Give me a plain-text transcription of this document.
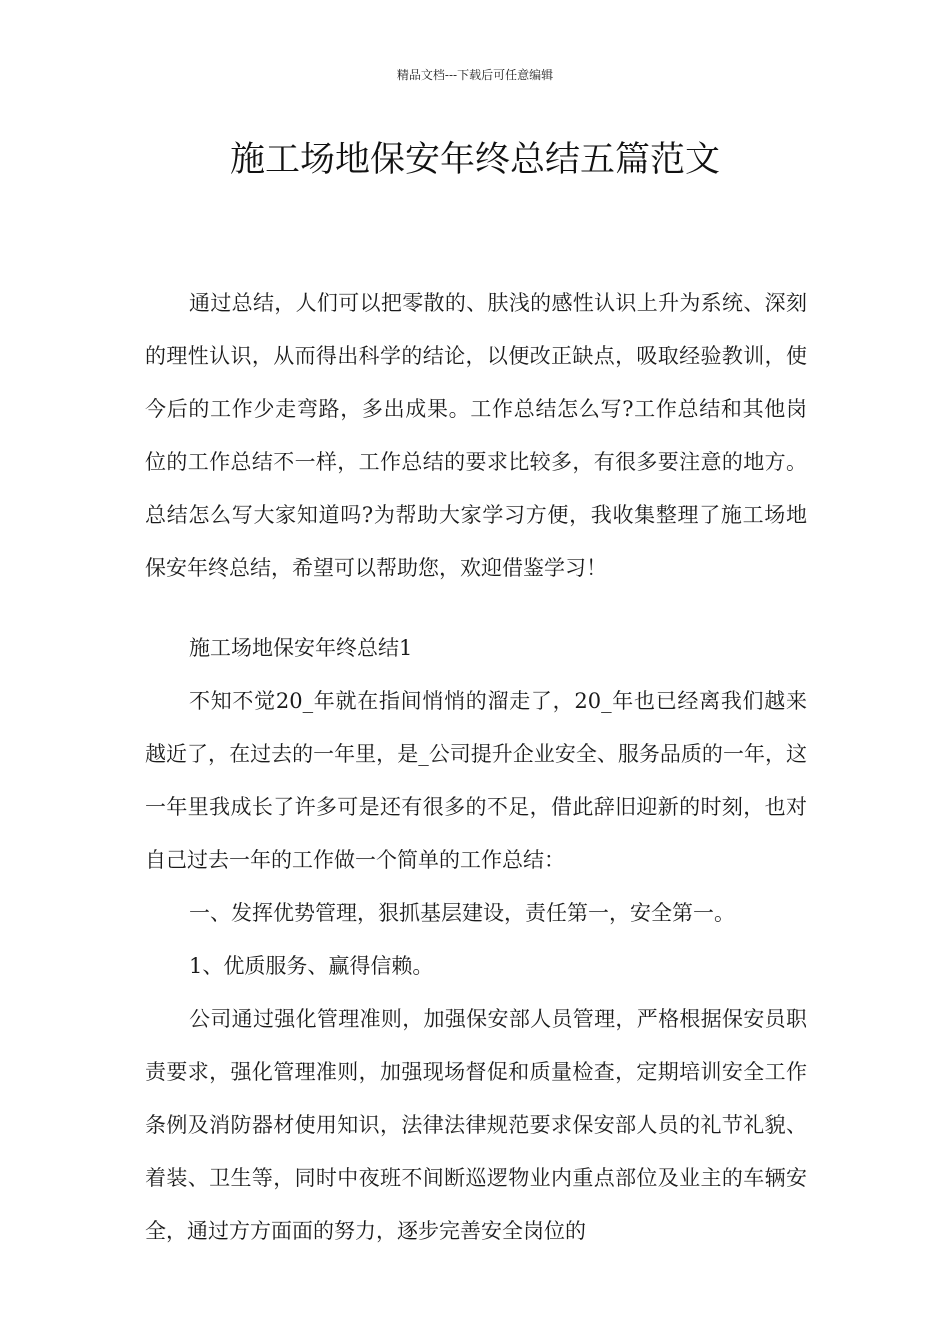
精品文档---下载后可任意编辑
施工场地保安年终总结五篇范文

通过总结，人们可以把零散的、肤浅的感性认识上升为系统、深刻的理性认识，从而得出科学的结论，以便改正缺点，吸取经验教训，使今后的工作少走弯路，多出成果。工作总结怎么写?工作总结和其他岗位的工作总结不一样，工作总结的要求比较多，有很多要注意的地方。总结怎么写大家知道吗?为帮助大家学习方便，我收集整理了施工场地保安年终总结，希望可以帮助您，欢迎借鉴学习！

施工场地保安年终总结1

不知不觉20_年就在指间悄悄的溜走了，20_年也已经离我们越来越近了，在过去的一年里，是_公司提升企业安全、服务品质的一年，这一年里我成长了许多可是还有很多的不足，借此辞旧迎新的时刻，也对自己过去一年的工作做一个简单的工作总结：

一、发挥优势管理，狠抓基层建设，责任第一，安全第一。

1、优质服务、赢得信赖。

公司通过强化管理准则，加强保安部人员管理，严格根据保安员职责要求，强化管理准则，加强现场督促和质量检查，定期培训安全工作条例及消防器材使用知识，法律法律规范要求保安部人员的礼节礼貌、着装、卫生等，同时中夜班不间断巡逻物业内重点部位及业主的车辆安全，通过方方面面的努力，逐步完善安全岗位的
